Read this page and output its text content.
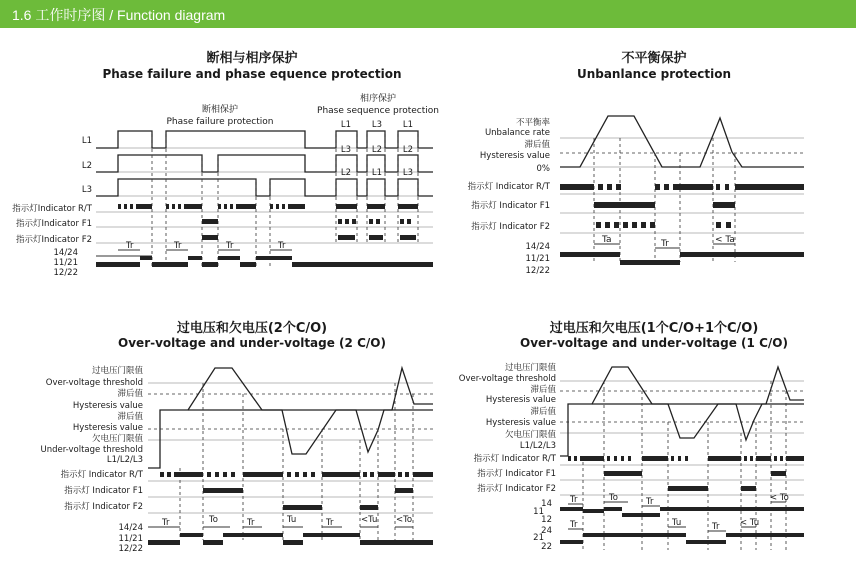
1.6 工作时序图 / Function diagram
断相与相序保护
Phase failure and phase equence protection
断相保护
Phase failure protection
相序保护
Phase sequence protection
L1
L2
L3
指示灯Indicator R/T
指示灯Indicator F1
指示灯Indicator F2
14/24
11/21
12/22
L1
L3
L3
L2
L1
L2
L2 L1 L3
Tr	Tr	Tr	Tr
不平衡保护
Unbanlance protection
不平衡率
Unbalance rate
滞后值
Hysteresis value
0%
指示灯 Indicator R/T
指示灯 Indicator F1
指示灯 Indicator F2
14/24
11/21
12/22
Ta	Tr	< Ta
过电压和欠电压(2个C/O)
Over-voltage and under-voltage (2 C/O)
过电压门限值
Over-voltage threshold
滞后值
Hysteresis value
滞后值
Hysteresis value
欠电压门限值
Under-voltage threshold
L1/L2/L3
指示灯 Indicator R/T
指示灯 Indicator F1
指示灯 Indicator F2
14/24
11/21
12/22
Tr	To	Tr	Tu	Tr	<Tu <To
过电压和欠电压(1个C/O+1个C/O)
Over-voltage and under-voltage (1 C/O)
过电压门限值
Over-voltage threshold
滞后值
Hysteresis value
滞后值
Hysteresis value
欠电压门限值
L1/L2/L3
指示灯 Indicator R/T
指示灯 Indicator F1
指示灯 Indicator F2
14
11
12
21
24
22
Tr	To	Tr	< To
Tr	Tu	Tr < Tu
